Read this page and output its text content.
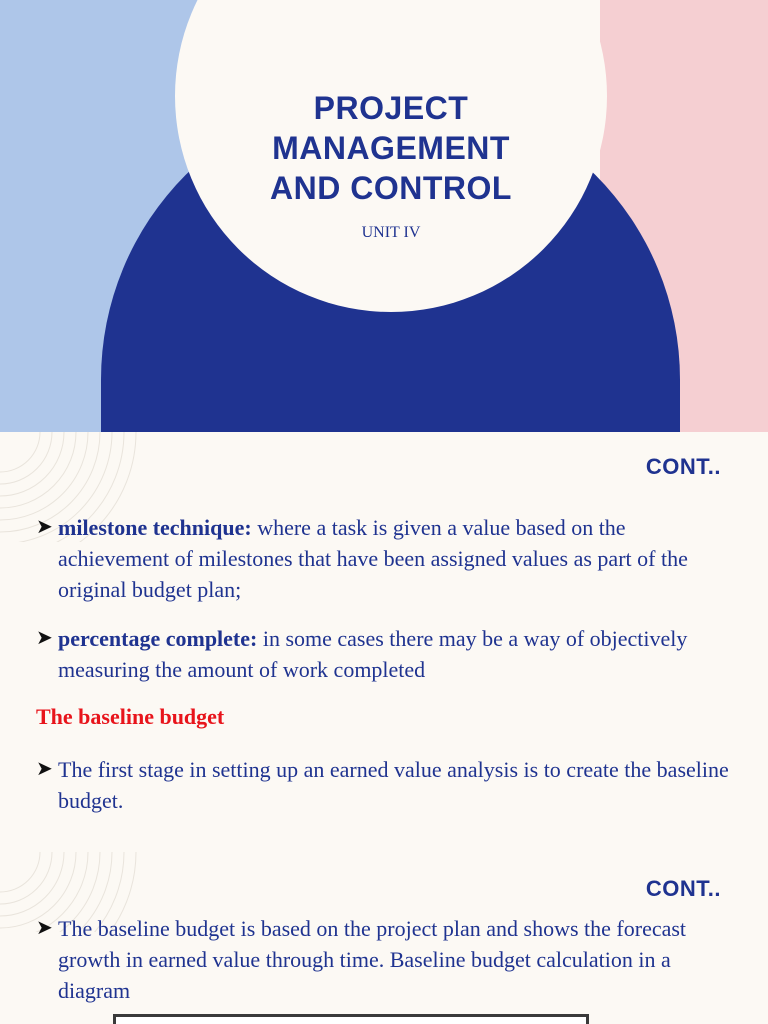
PROJECT
MANAGEMENT
AND CONTROL
UNIT IV
CONT..

➤ milestone technique: where a task is given a value based on the achievement of milestones that have been assigned values as part of the original budget plan;

➤ percentage complete: in some cases there may be a way of objectively measuring the amount of work completed

The baseline budget

➤ The first stage in setting up an earned value analysis is to create the baseline budget.

CONT..

➤ The baseline budget is based on the project plan and shows the forecast growth in earned value through time. Baseline budget calculation in a diagram
